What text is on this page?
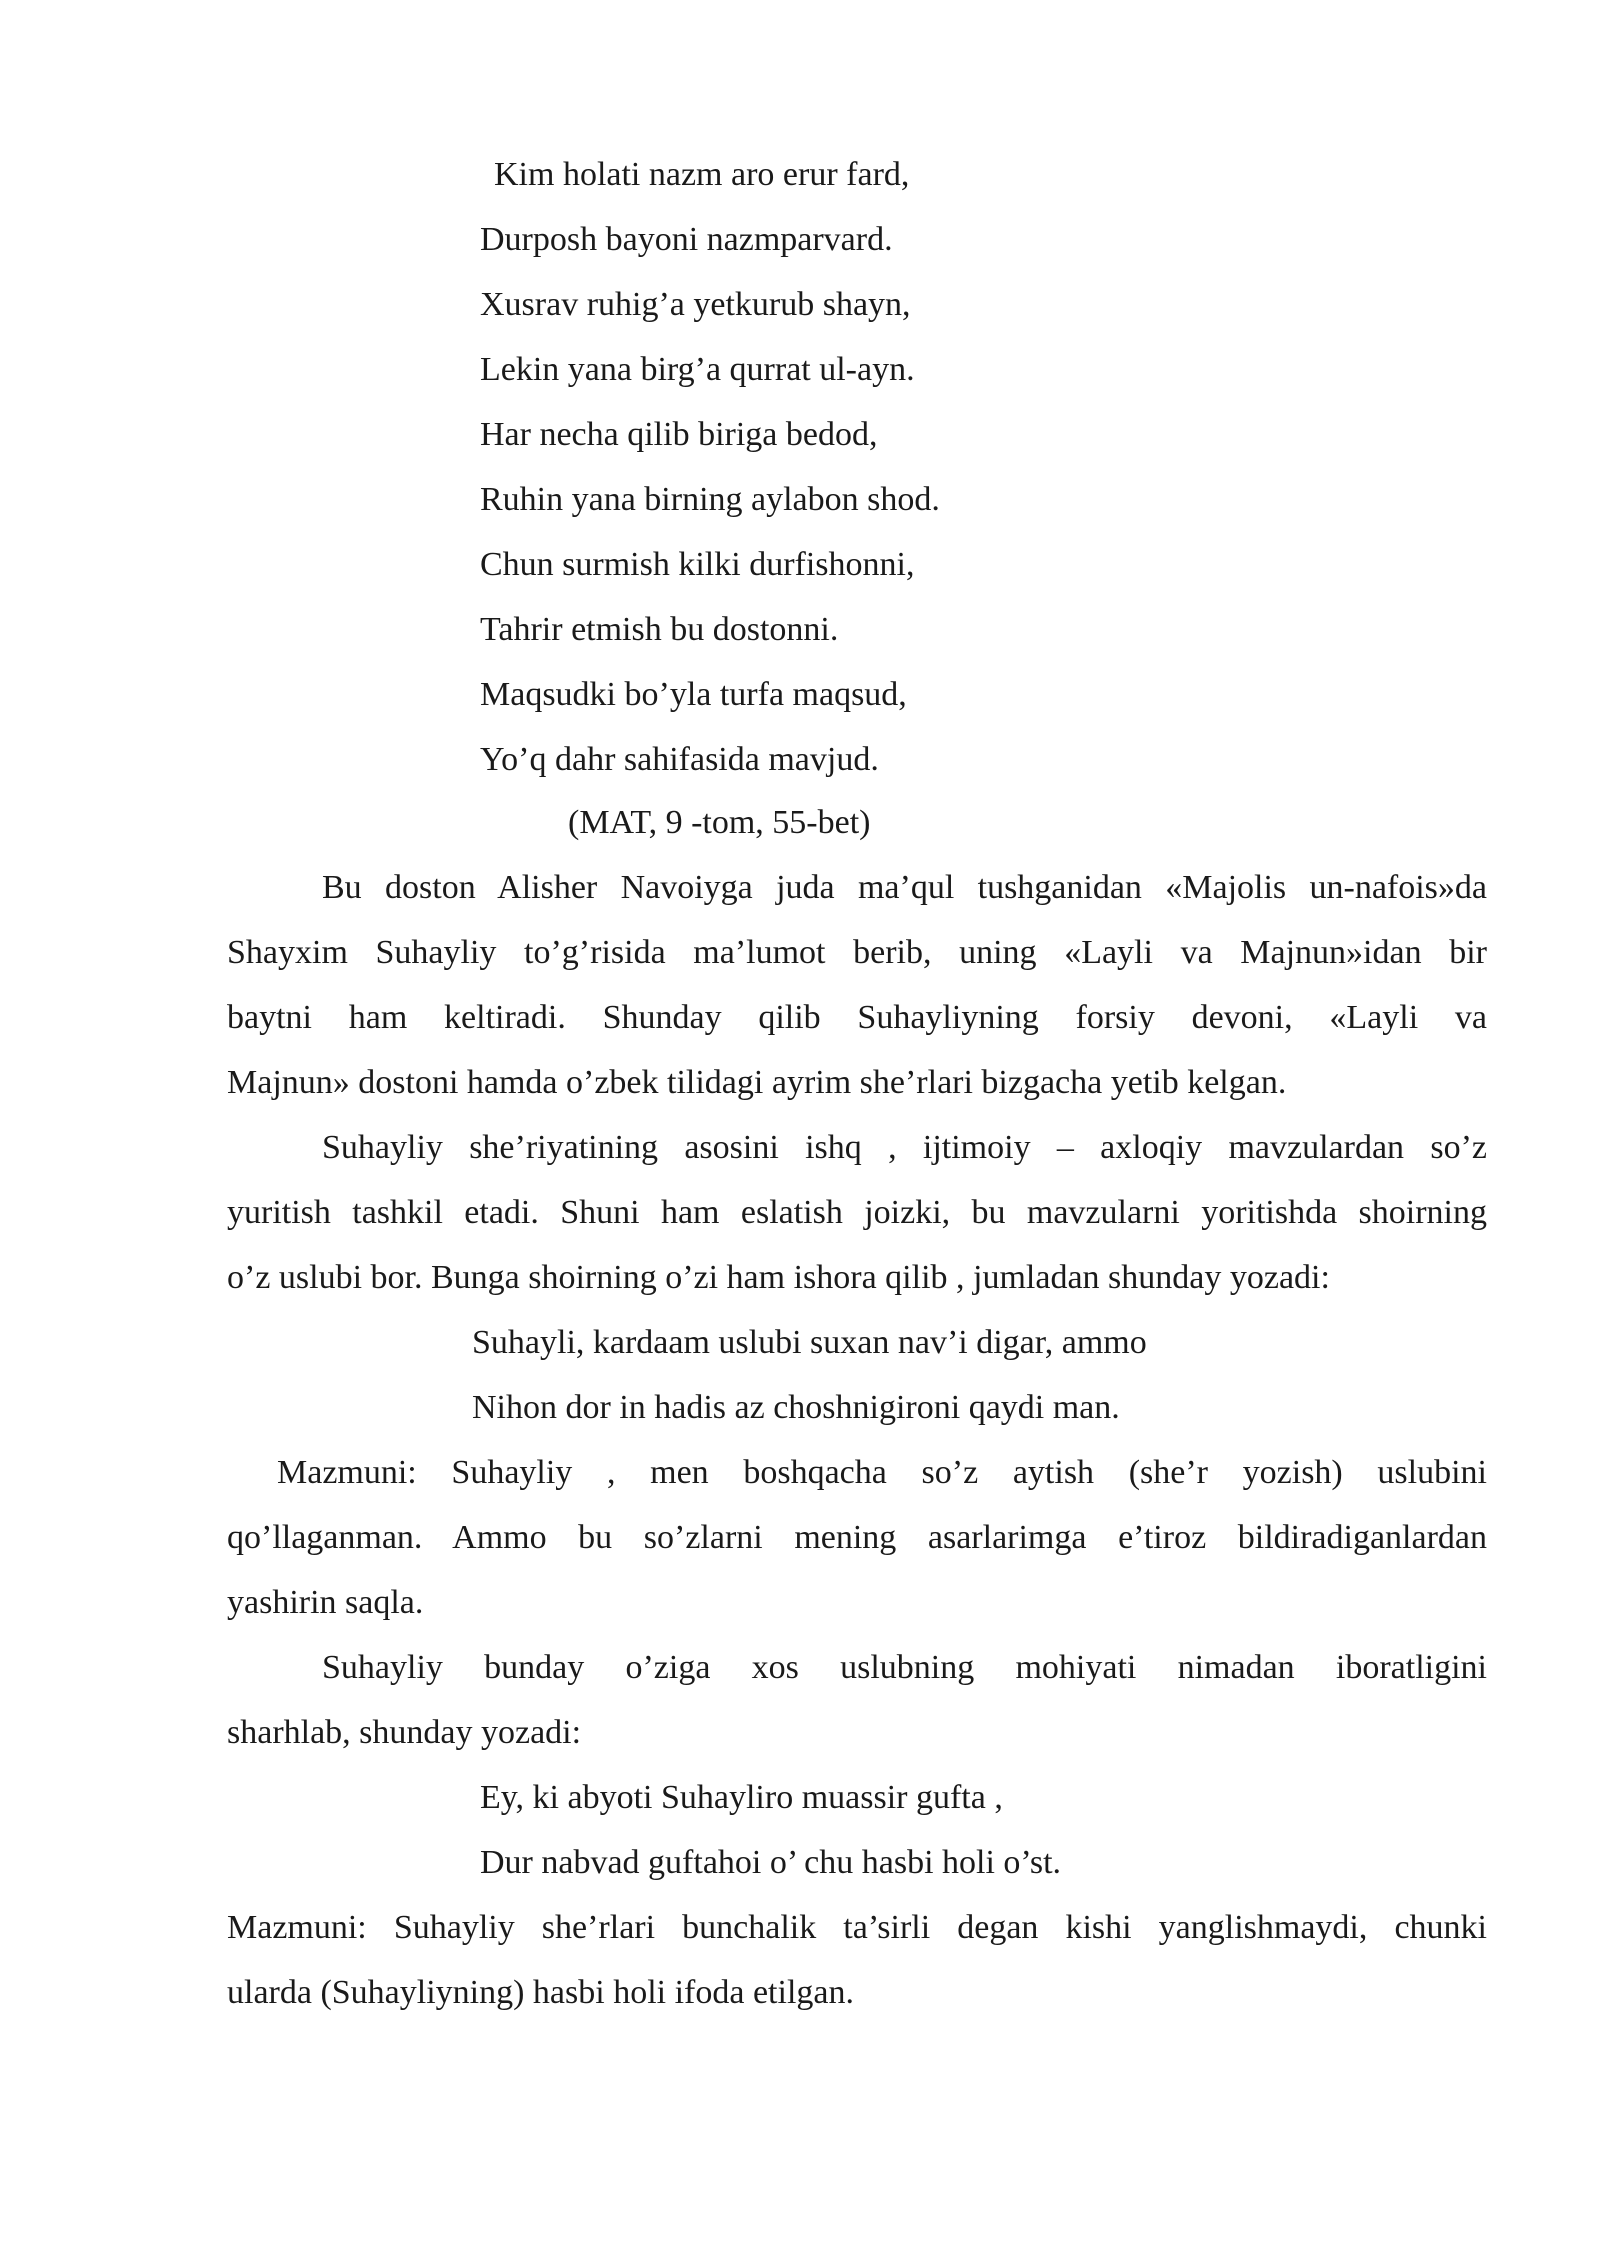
Kim holati nazm aro erur fard,
Durposh bayoni nazmparvard.
Xusrav ruhig’a yetkurub shayn,
Lekin yana birg’a qurrat ul-ayn.
Har necha qilib biriga bedod,
Ruhin yana birning aylabon shod.
Chun surmish kilki durfishonni,
Tahrir etmish bu dostonni.
Maqsudki bo’yla turfa maqsud,
Yo’q dahr sahifasida mavjud.
(MAT, 9 -tom, 55-bet)
Bu doston Alisher Navoiyga juda ma’qul tushganidan «Majolis un-nafois»da
Shayxim Suhayliy to’g’risida ma’lumot berib, uning «Layli va Majnun»idan bir
baytni ham keltiradi. Shunday qilib Suhayliyning forsiy devoni, «Layli va
Majnun» dostoni hamda o’zbek tilidagi ayrim she’rlari bizgacha yetib kelgan.
Suhayliy she’riyatining asosini ishq , ijtimoiy – axloqiy mavzulardan so’z
yuritish tashkil etadi. Shuni ham eslatish joizki, bu mavzularni yoritishda shoirning
o’z uslubi bor. Bunga shoirning o’zi ham ishora qilib , jumladan shunday yozadi:
Suhayli, kardaam uslubi suxan nav’i digar, ammo
Nihon dor in hadis az choshnigironi qaydi man.
Mazmuni: Suhayliy , men boshqacha so’z aytish (she’r yozish) uslubini
qo’llaganman. Ammo bu so’zlarni mening asarlarimga e’tiroz bildiradiganlardan
yashirin saqla.
Suhayliy bunday o’ziga xos uslubning mohiyati nimadan iboratligini
sharhlab, shunday yozadi:
Ey, ki abyoti Suhayliro muassir gufta ,
Dur nabvad guftahoi o’ chu hasbi holi o’st.
Mazmuni: Suhayliy she’rlari bunchalik ta’sirli degan kishi yanglishmaydi, chunki
ularda (Suhayliyning) hasbi holi ifoda etilgan.
